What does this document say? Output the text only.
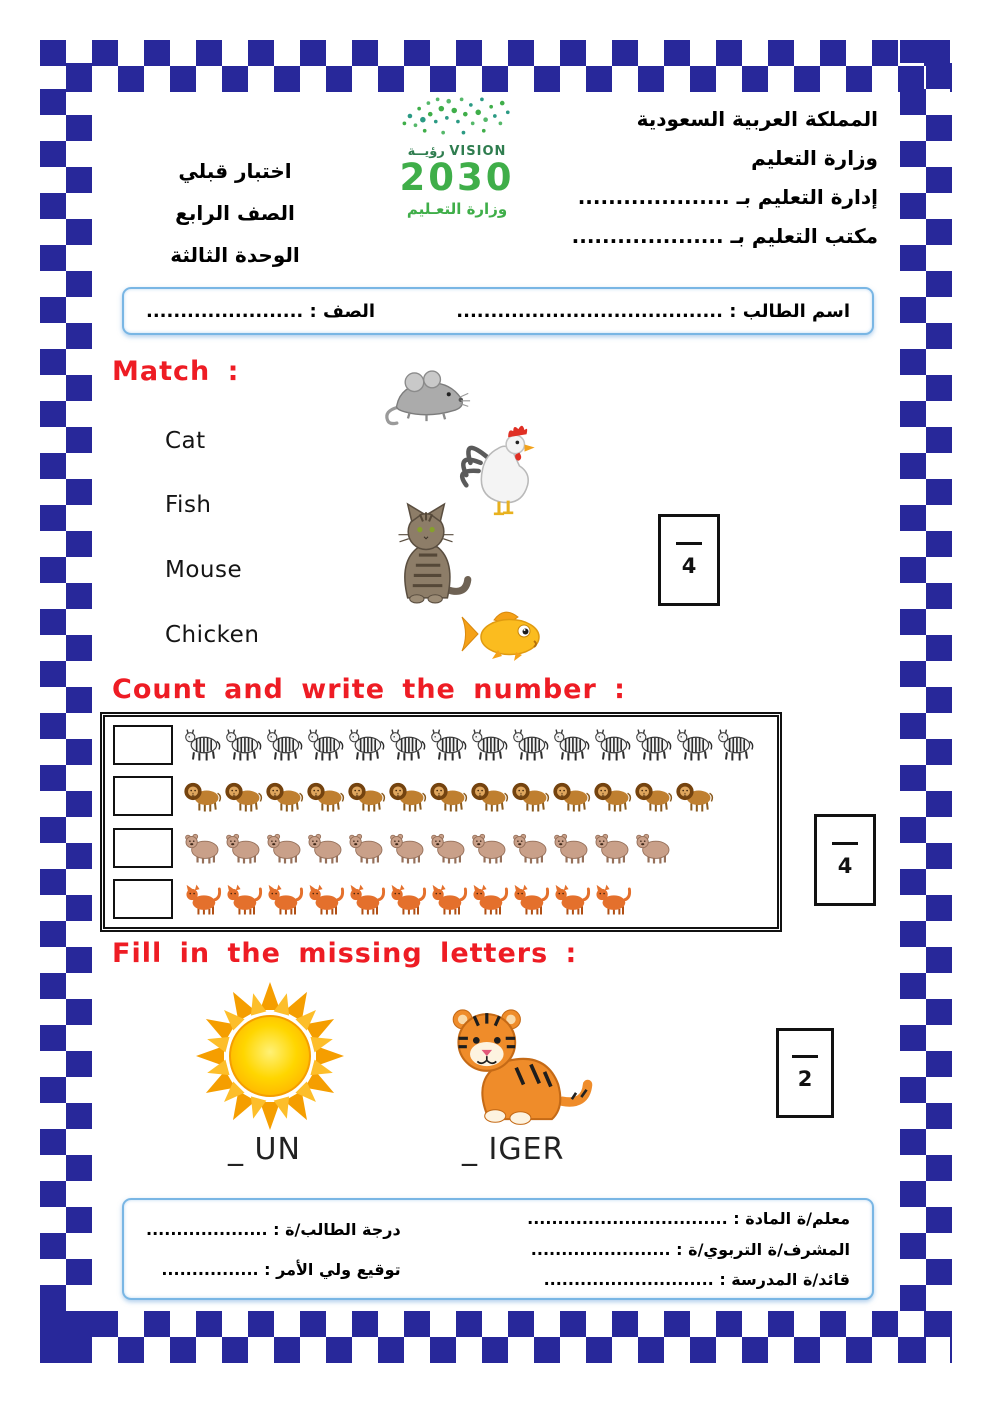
المملكة العربية السعودية
وزارة التعليم
إدارة التعليم بـ ....................
مكتب التعليم بـ ....................
اختبار قبلي
الصف الرابع
الوحدة الثالثة
رؤيــة VISION
2030
وزارة التعـليم
اسم الطالب : .......................................
الصف : .......................
Match :
Cat
Fish
Mouse
Chicken
4
Count and write the number :
4
Fill in the missing letters :
_ UN	_ IGER
2
معلم/ة المادة : .................................
المشرف/ة التربوي/ة : .......................
قائد/ة المدرسة : ............................
درجة الطالب/ة : ....................
توقيع ولي الأمر : ................
